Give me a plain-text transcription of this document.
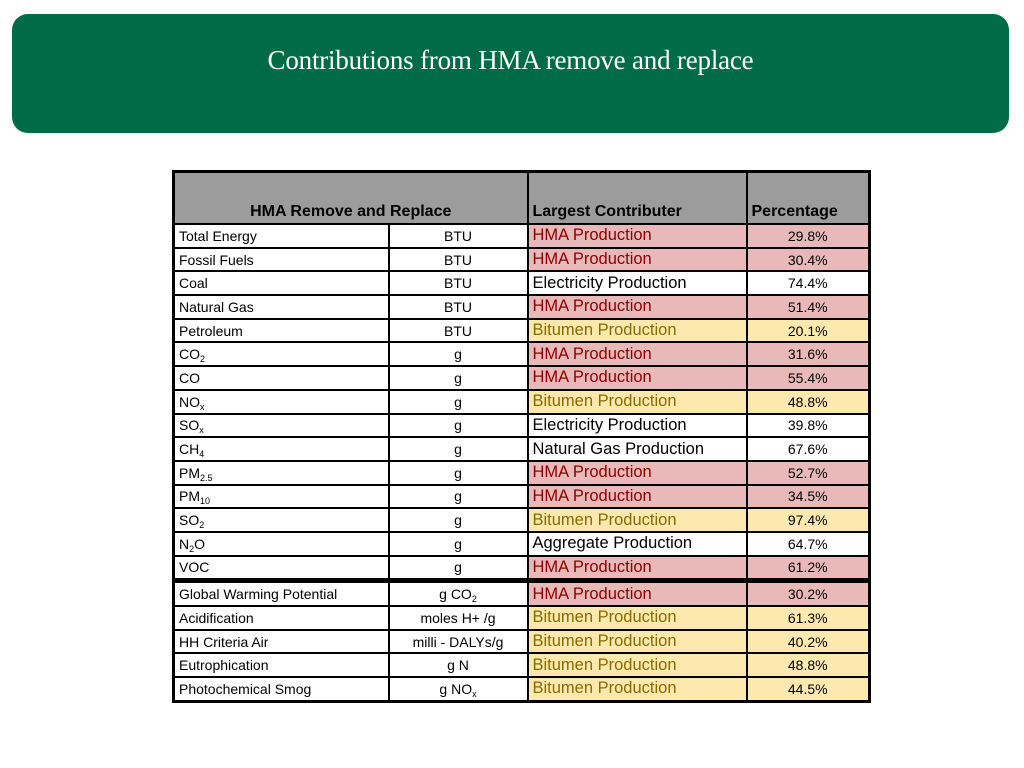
Contributions from HMA remove and replace
HMA Remove and Replace		Largest Contributer	Percentage
Total Energy	BTU	HMA Production	29.8%
Fossil Fuels	BTU	HMA Production	30.4%
Coal	BTU	Electricity Production	74.4%
Natural Gas	BTU	HMA Production	51.4%
Petroleum	BTU	Bitumen Production	20.1%
$CO_2$	g	HMA Production	31.6%
CO	g	HMA Production	55.4%
$NO_x$	g	Bitumen Production	48.8%
$SO_x$	g	Electricity Production	39.8%
$CH_4$	g	Natural Gas Production	67.6%
$PM_{2.5}$	g	HMA Production	52.7%
$PM_{10}$	g	HMA Production	34.5%
$SO_2$	g	Bitumen Production	97.4%
$N_2O$	g	Aggregate Production	64.7%
VOC	g	HMA Production	61.2%
Global Warming Potential	g $CO_2$	HMA Production	30.2%
Acidification	moles H+ /g	Bitumen Production	61.3%
HH Criteria Air	milli - DALYs/g	Bitumen Production	40.2%
Eutrophication	g N	Bitumen Production	48.8%
Photochemical Smog	g $NO_x$	Bitumen Production	44.5%
